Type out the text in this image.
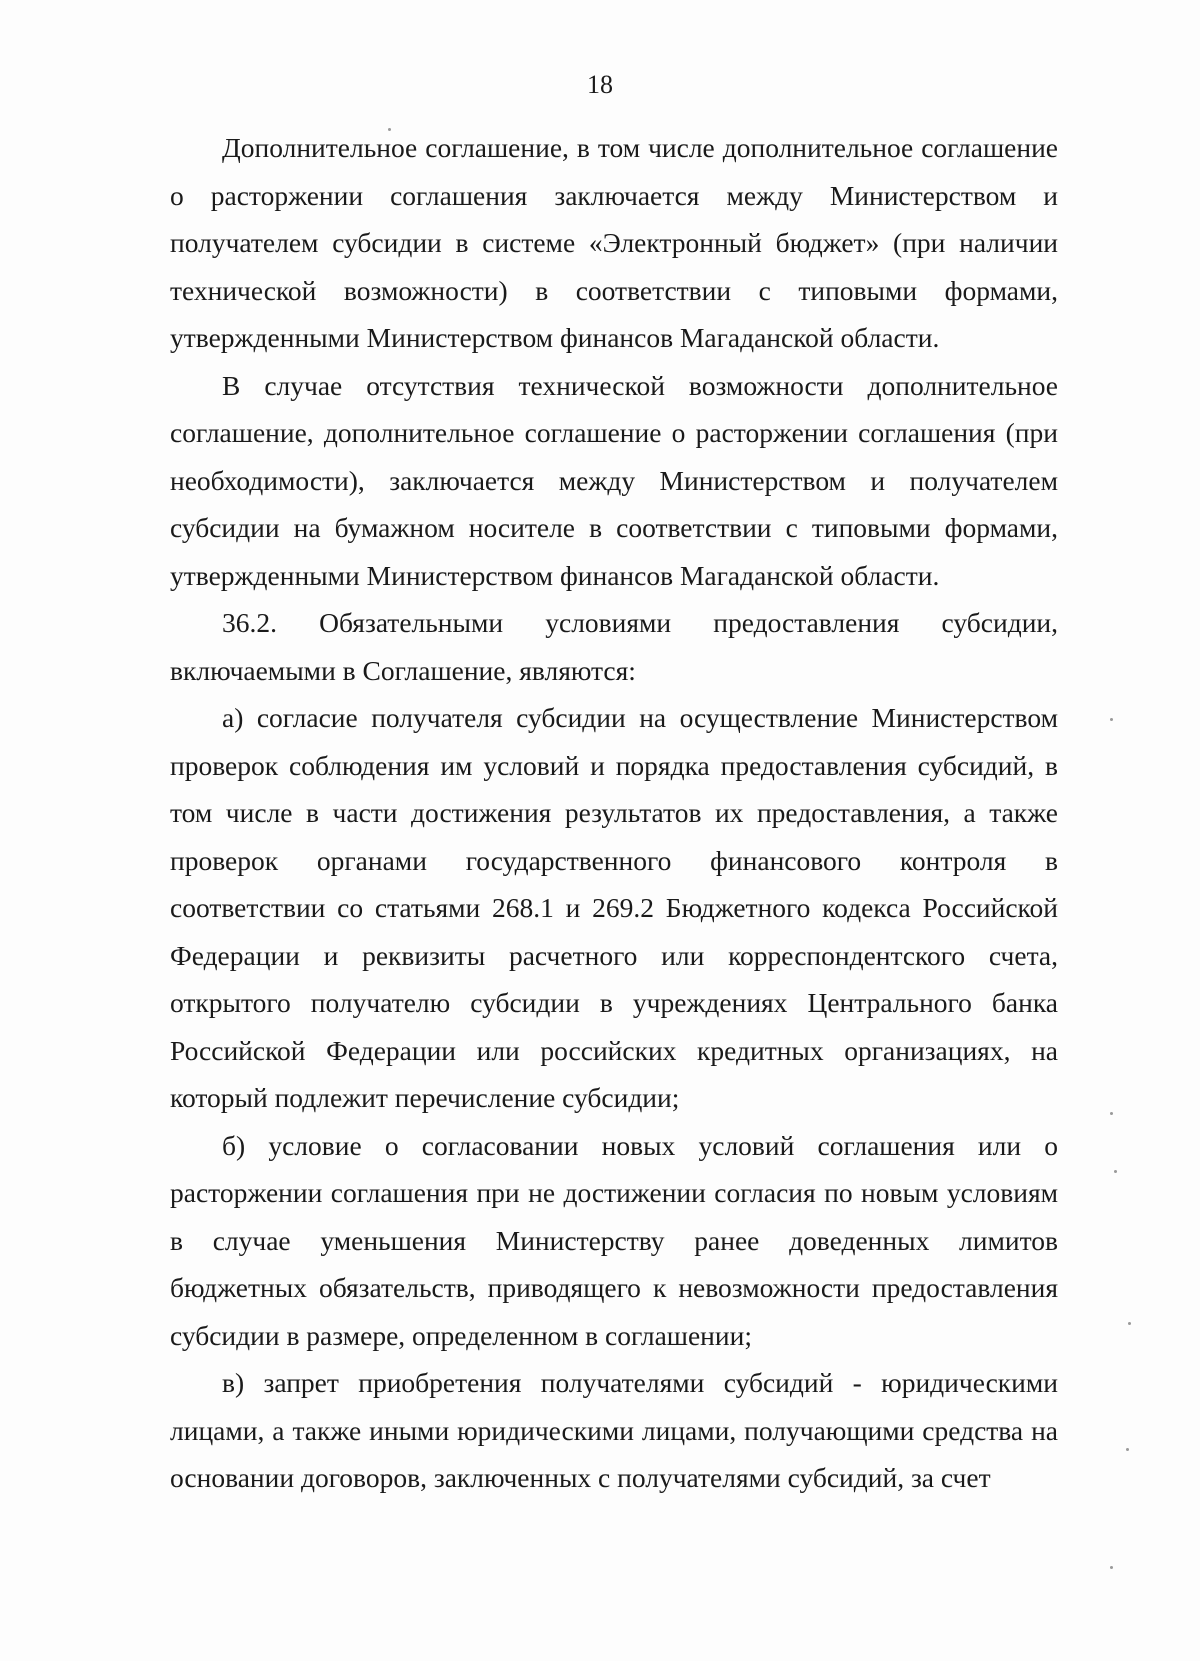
18

Дополнительное соглашение, в том числе дополнительное соглашение о расторжении соглашения заключается между Министерством и получателем субсидии в системе «Электронный бюджет» (при наличии технической возможности) в соответствии с типовыми формами, утвержденными Министерством финансов Магаданской области.

В случае отсутствия технической возможности дополнительное соглашение, дополнительное соглашение о расторжении соглашения (при необходимости), заключается между Министерством и получателем субсидии на бумажном носителе в соответствии с типовыми формами, утвержденными Министерством финансов Магаданской области.

36.2. Обязательными условиями предоставления субсидии, включаемыми в Соглашение, являются:

а) согласие получателя субсидии на осуществление Министерством проверок соблюдения им условий и порядка предоставления субсидий, в том числе в части достижения результатов их предоставления, а также проверок органами государственного финансового контроля в соответствии со статьями 268.1 и 269.2 Бюджетного кодекса Российской Федерации и реквизиты расчетного или корреспондентского счета, открытого получателю субсидии в учреждениях Центрального банка Российской Федерации или российских кредитных организациях, на который подлежит перечисление субсидии;

б) условие о согласовании новых условий соглашения или о расторжении соглашения при не достижении согласия по новым условиям в случае уменьшения Министерству ранее доведенных лимитов бюджетных обязательств, приводящего к невозможности предоставления субсидии в размере, определенном в соглашении;

в) запрет приобретения получателями субсидий - юридическими лицами, а также иными юридическими лицами, получающими средства на основании договоров, заключенных с получателями субсидий, за счет
